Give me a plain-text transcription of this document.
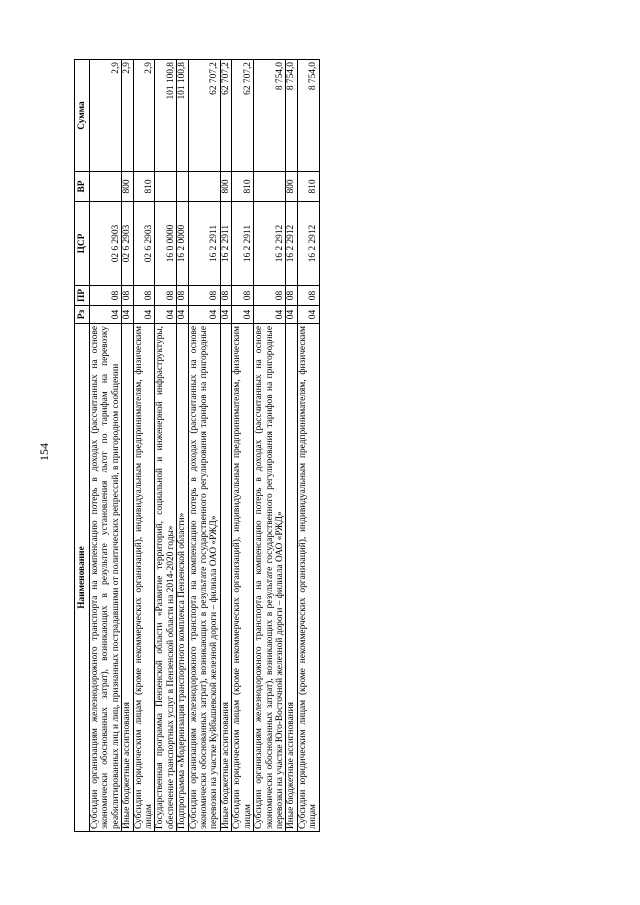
154
Наименование	Рз	ПР	ЦСР	ВР	Сумма
Субсидии организациям железнодорожного транспорта на компенсацию потерь в доходах (рассчитанных на основе экономически обоснованных затрат), возникающих в результате установления льгот по тарифам на перевозку реабилитированных лиц и лиц, признанных пострадавшими от политических репрессий, в пригородном сообщении	04	08	02 6 2903		2,9
Иные бюджетные ассигнования	04	08	02 6 2903	800	2,9
Субсидии юридическим лицам (кроме некоммерческих организаций), индивидуальным предпринимателям, физическим лицам	04	08	02 6 2903	810	2,9
Государственная программа Пензенской области «Развитие территорий, социальной и инженерной инфраструктуры, обеспечение транспортных услуг в Пензенской области на 2014-2020 годы»	04	08	16 0 0000		101 100,8
Подпрограмма «Модернизация транспортного комплекса Пензенской области»	04	08	16 2 0000		101 100,8
Субсидии организациям железнодорожного транспорта на компенсацию потерь в доходах (рассчитанных на основе экономически обоснованных затрат), возникающих в результате государственного регулирования тарифов на пригородные перевозки на участке Куйбышевской железной дороги – филиала ОАО «РЖД»	04	08	16 2 2911		62 707,2
Иные бюджетные ассигнования	04	08	16 2 2911	800	62 707,2
Субсидии юридическим лицам (кроме некоммерческих организаций), индивидуальным предпринимателям, физическим лицам	04	08	16 2 2911	810	62 707,2
Субсидии организациям железнодорожного транспорта на компенсацию потерь в доходах (рассчитанных на основе экономически обоснованных затрат), возникающих в результате государственного регулирования тарифов на пригородные перевозки на участке Юго-Восточной железной дороги – филиала ОАО «РЖД»	04	08	16 2 2912		8 754,0
Иные бюджетные ассигнования	04	08	16 2 2912	800	8 754,0
Субсидии юридическим лицам (кроме некоммерческих организаций), индивидуальным предпринимателям, физическим лицам	04	08	16 2 2912	810	8 754,0
